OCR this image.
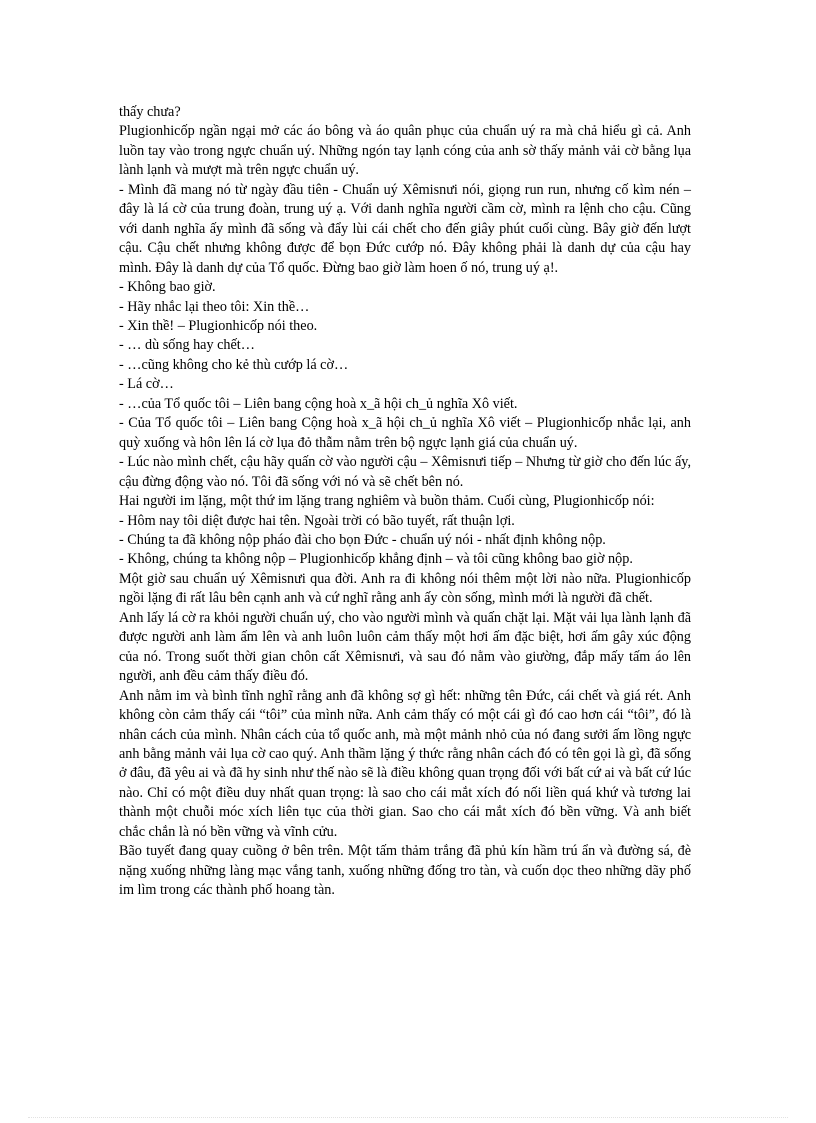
thấy chưa?

Plugionhicốp ngần ngại mở các áo bông và áo quân phục của chuẩn uý ra mà chả hiểu gì cả. Anh luồn tay vào trong ngực chuẩn uý. Những ngón tay lạnh cóng của anh sờ thấy mảnh vải cờ bằng lụa lành lạnh và mượt mà trên ngực chuẩn uý.

- Mình đã mang nó từ ngày đầu tiên - Chuẩn uý Xêmisnưi nói, giọng run run, nhưng cố kìm nén – đây là lá cờ của trung đoàn, trung uý ạ. Với danh nghĩa người cầm cờ, mình ra lệnh cho cậu. Cũng với danh nghĩa ấy mình đã sống và đẩy lùi cái chết cho đến giây phút cuối cùng. Bây giờ đến lượt cậu. Cậu chết nhưng không được để bọn Đức cướp nó. Đây không phải là danh dự của cậu hay mình. Đây là danh dự của Tổ quốc. Đừng bao giờ làm hoen ố nó, trung uý ạ!.

- Không bao giờ.

- Hãy nhắc lại theo tôi: Xin thề…

- Xin thề! – Plugionhicốp nói theo.

- … dù sống hay chết…

- …cũng không cho kẻ thù cướp lá cờ…

- Lá cờ…

- …của Tổ quốc tôi – Liên bang cộng hoà x_ã hội ch_ủ nghĩa Xô viết.

- Của Tổ quốc tôi – Liên bang Cộng hoà x_ã hội ch_ủ nghĩa Xô viết – Plugionhicốp nhắc lại, anh quỳ xuống và hôn lên lá cờ lụa đỏ thẫm nằm trên bộ ngực lạnh giá của chuẩn uý.

- Lúc nào mình chết, cậu hãy quấn cờ vào người cậu – Xêmisnưi tiếp – Nhưng từ giờ cho đến lúc ấy, cậu đừng động vào nó. Tôi đã sống với nó và sẽ chết bên nó.

Hai người im lặng, một thứ im lặng trang nghiêm và buồn thảm. Cuối cùng, Plugionhicốp nói:

- Hôm nay tôi diệt được hai tên. Ngoài trời có bão tuyết, rất thuận lợi.

- Chúng ta đã không nộp pháo đài cho bọn Đức - chuẩn uý nói - nhất định không nộp.

- Không, chúng ta không nộp – Plugionhicốp khẳng định – và tôi cũng không bao giờ nộp.

Một giờ sau chuẩn uý Xêmisnưi qua đời. Anh ra đi không nói thêm một lời nào nữa. Plugionhicốp ngồi lặng đi rất lâu bên cạnh anh và cứ nghĩ rằng anh ấy còn sống, mình mới là người đã chết.

Anh lấy lá cờ ra khỏi người chuẩn uý, cho vào người mình và quấn chặt lại. Mặt vải lụa lành lạnh đã được người anh làm ấm lên và anh luôn luôn cảm thấy một hơi ấm đặc biệt, hơi ấm gây xúc động của nó. Trong suốt thời gian chôn cất Xêmisnưi, và sau đó nằm vào giường, đắp mấy tấm áo lên người, anh đều cảm thấy điều đó.

Anh nằm im và bình tĩnh nghĩ rằng anh đã không sợ gì hết: những tên Đức, cái chết và giá rét. Anh không còn cảm thấy cái “tôi” của mình nữa. Anh cảm thấy có một cái gì đó cao hơn cái “tôi”, đó là nhân cách của mình. Nhân cách của tổ quốc anh, mà một mảnh nhỏ của nó đang sưởi ấm lồng ngực anh bằng mảnh vải lụa cờ cao quý. Anh thầm lặng ý thức rằng nhân cách đó có tên gọi là gì, đã sống ở đâu, đã yêu ai và đã hy sinh như thế nào sẽ là điều không quan trọng đối với bất cứ ai và bất cứ lúc nào. Chỉ có một điều duy nhất quan trọng: là sao cho cái mắt xích đó nối liền quá khứ và tương lai thành một chuỗi móc xích liên tục của thời gian. Sao cho cái mắt xích đó bền vững. Và anh biết chắc chắn là nó bền vững và vĩnh cửu.

Bão tuyết đang quay cuồng ở bên trên. Một tấm thảm trắng đã phủ kín hầm trú ẩn và đường sá, đè nặng xuống những làng mạc vắng tanh, xuống những đống tro tàn, và cuốn dọc theo những dãy phố im lìm trong các thành phố hoang tàn.
